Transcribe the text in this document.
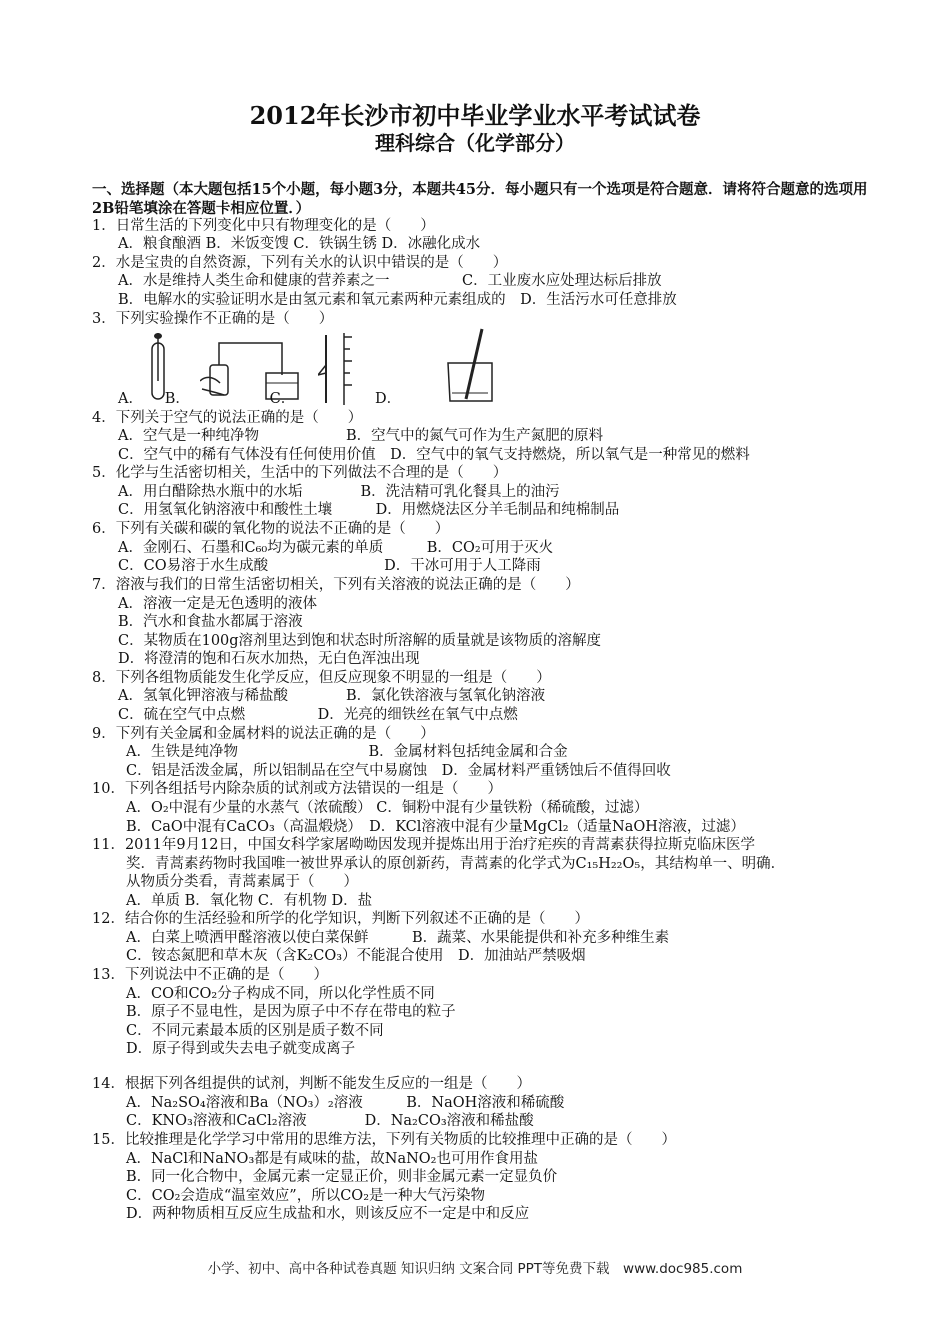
2012年长沙市初中毕业学业水平考试试卷
理科综合（化学部分）
一、选择题（本大题包括15个小题，每小题3分，本题共45分．每小题只有一个选项是符合题意．请将符合题意的选项用2B铅笔填涂在答题卡相应位置．）
1．日常生活的下列变化中只有物理变化的是（　　）
A．粮食酿酒 B．米饭变馊 C．铁锅生锈 D．冰融化成水
2．水是宝贵的自然资源，下列有关水的认识中错误的是（　　）
A．水是维持人类生命和健康的营养素之一　　　　　C．工业废水应处理达标后排放
B．电解水的实验证明水是由氢元素和氧元素两种元素组成的　D．生活污水可任意排放
3．下列实验操作不正确的是（　　）
A．　　B．　　　　　　C．　　　　　　D．
4．下列关于空气的说法正确的是（　　）
A．空气是一种纯净物　　　　　　B．空气中的氮气可作为生产氮肥的原料
C．空气中的稀有气体没有任何使用价值　D．空气中的氧气支持燃烧，所以氧气是一种常见的燃料
5．化学与生活密切相关，生活中的下列做法不合理的是（　　）
A．用白醋除热水瓶中的水垢　　　　B．洗洁精可乳化餐具上的油污
C．用氢氧化钠溶液中和酸性土壤　　　D．用燃烧法区分羊毛制品和纯棉制品
6．下列有关碳和碳的氧化物的说法不正确的是（　　）
A．金刚石、石墨和C₆₀均为碳元素的单质　　　B．CO₂可用于灭火
C．CO易溶于水生成酸　　　　　　　　D．干冰可用于人工降雨
7．溶液与我们的日常生活密切相关，下列有关溶液的说法正确的是（　　）
A．溶液一定是无色透明的液体
B．汽水和食盐水都属于溶液
C．某物质在100g溶剂里达到饱和状态时所溶解的质量就是该物质的溶解度
D．将澄清的饱和石灰水加热，无白色浑浊出现
8．下列各组物质能发生化学反应，但反应现象不明显的一组是（　　）
A．氢氧化钾溶液与稀盐酸　　　　B．氯化铁溶液与氢氧化钠溶液
C．硫在空气中点燃　　　　　D．光亮的细铁丝在氧气中点燃
9．下列有关金属和金属材料的说法正确的是（　　）
A．生铁是纯净物　　　　　　　　　B．金属材料包括纯金属和合金
C．铝是活泼金属，所以铝制品在空气中易腐蚀　D．金属材料严重锈蚀后不值得回收
10．下列各组括号内除杂质的试剂或方法错误的一组是（　　）
A．O₂中混有少量的水蒸气（浓硫酸） C．铜粉中混有少量铁粉（稀硫酸，过滤）
B．CaO中混有CaCO₃（高温煅烧）　D．KCl溶液中混有少量MgCl₂（适量NaOH溶液，过滤）
11．2011年9月12日，中国女科学家屠呦呦因发现并提炼出用于治疗疟疾的青蒿素获得拉斯克临床医学
奖．青蒿素药物时我国唯一被世界承认的原创新药，青蒿素的化学式为C₁₅H₂₂O₅，其结构单一、明确．
从物质分类看，青蒿素属于（　　）
A．单质 B．氧化物 C．有机物 D．盐
12．结合你的生活经验和所学的化学知识，判断下列叙述不正确的是（　　）
A．白菜上喷洒甲醛溶液以使白菜保鲜　　　B．蔬菜、水果能提供和补充多种维生素
C．铵态氮肥和草木灰（含K₂CO₃）不能混合使用　D．加油站严禁吸烟
13．下列说法中不正确的是（　　）
A．CO和CO₂分子构成不同，所以化学性质不同
B．原子不显电性，是因为原子中不存在带电的粒子
C．不同元素最本质的区别是质子数不同
D．原子得到或失去电子就变成离子
14．根据下列各组提供的试剂，判断不能发生反应的一组是（　　）
A．Na₂SO₄溶液和Ba（NO₃）₂溶液　　　B．NaOH溶液和稀硫酸
C．KNO₃溶液和CaCl₂溶液　　　　D．Na₂CO₃溶液和稀盐酸
15．比较推理是化学学习中常用的思维方法，下列有关物质的比较推理中正确的是（　　）
A．NaCl和NaNO₃都是有咸味的盐，故NaNO₂也可用作食用盐
B．同一化合物中，金属元素一定显正价，则非金属元素一定显负价
C．CO₂会造成“温室效应”，所以CO₂是一种大气污染物
D．两种物质相互反应生成盐和水，则该反应不一定是中和反应
小学、初中、高中各种试卷真题 知识归纳 文案合同 PPT等免费下载　www.doc985.com
